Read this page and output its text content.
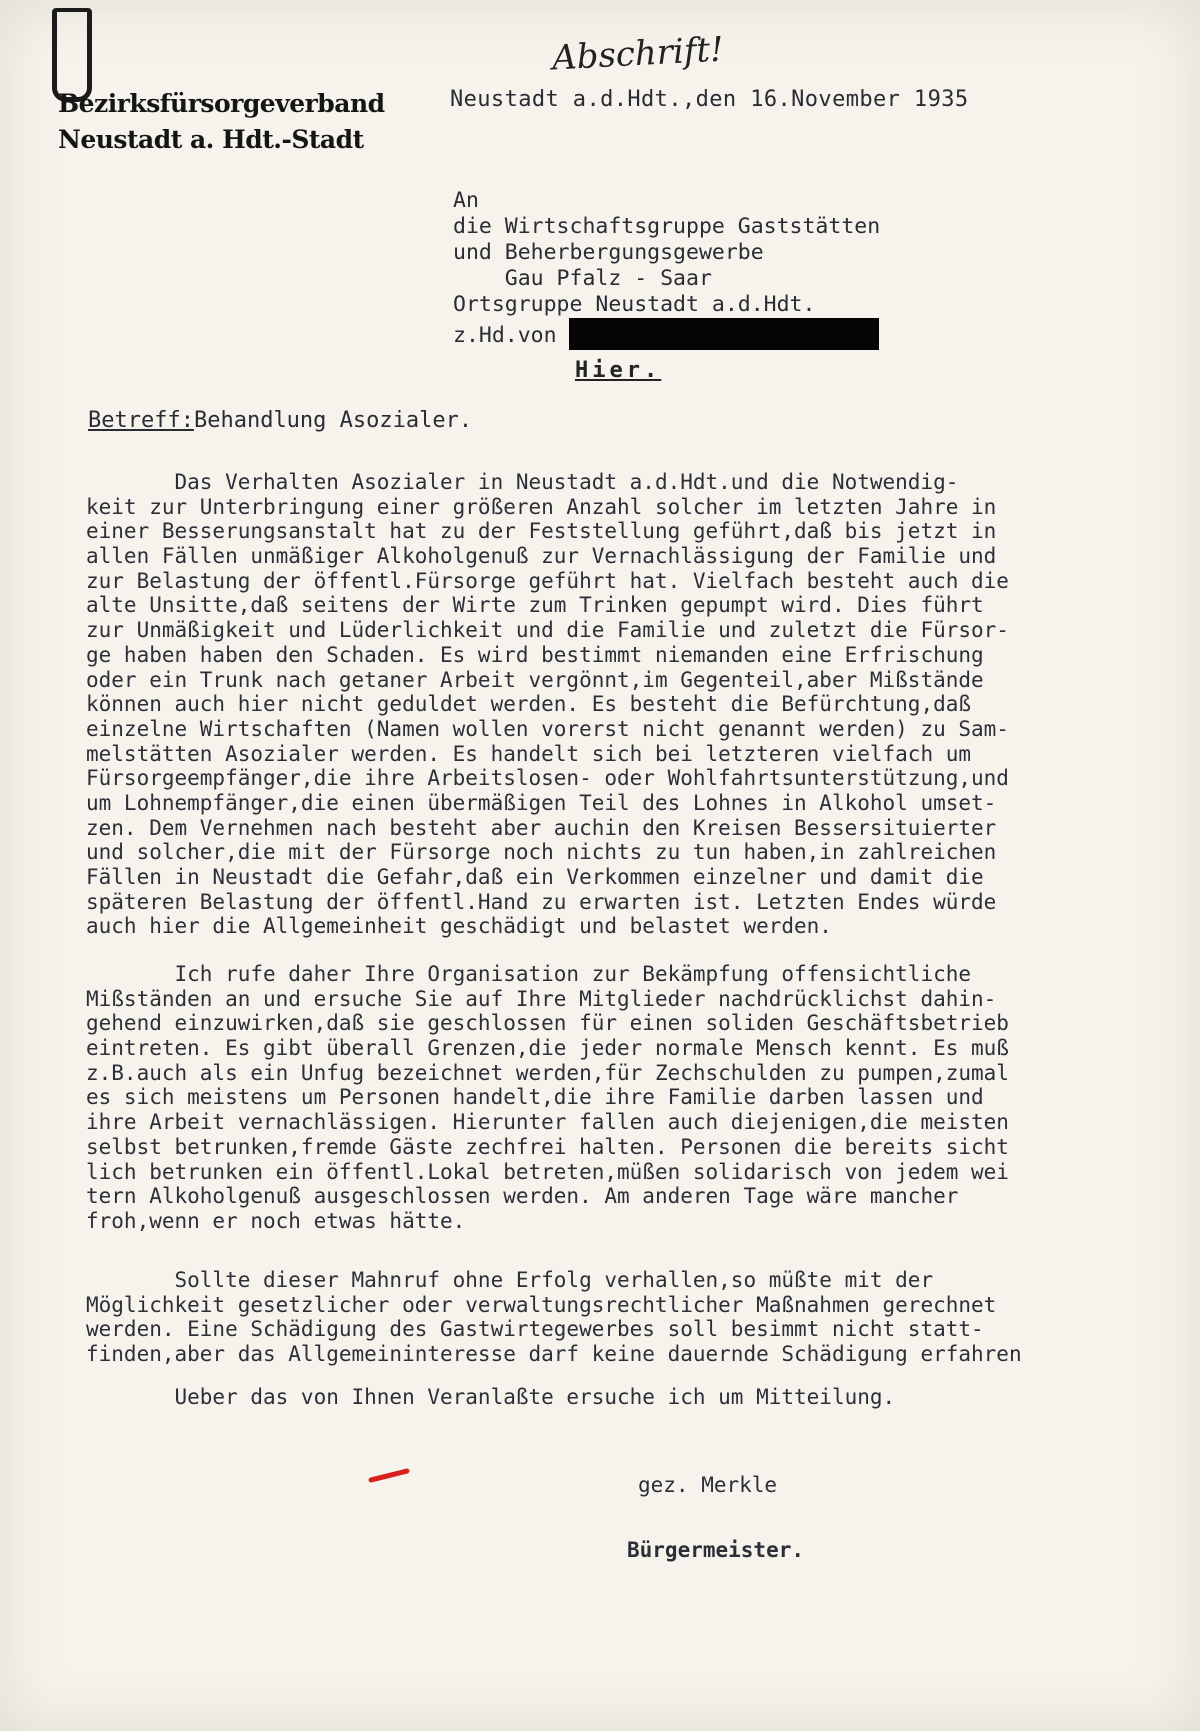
Bezirksfürsorgeverband
Neustadt a. Hdt.-Stadt
Abschrift!
Neustadt a.d.Hdt.,den 16.November 1935
An
die Wirtschaftsgruppe Gaststätten
und Beherbergungsgewerbe
Gau Pfalz - Saar
Ortsgruppe Neustadt a.d.Hdt.
z.Hd.von
Hier.
Betreff:Behandlung Asozialer.
Das Verhalten Asozialer in Neustadt a.d.Hdt.und die Notwendig-
keit zur Unterbringung einer größeren Anzahl solcher im letzten Jahre in
einer Besserungsanstalt hat zu der Feststellung geführt,daß bis jetzt in
allen Fällen unmäßiger Alkoholgenuß zur Vernachlässigung der Familie und
zur Belastung der öffentl.Fürsorge geführt hat. Vielfach besteht auch die
alte Unsitte,daß seitens der Wirte zum Trinken gepumpt wird. Dies führt
zur Unmäßigkeit und Lüderlichkeit und die Familie und zuletzt die Fürsor-
ge haben haben den Schaden. Es wird bestimmt niemanden eine Erfrischung
oder ein Trunk nach getaner Arbeit vergönnt,im Gegenteil,aber Mißstände
können auch hier nicht geduldet werden. Es besteht die Befürchtung,daß
einzelne Wirtschaften (Namen wollen vorerst nicht genannt werden) zu Sam-
melstätten Asozialer werden. Es handelt sich bei letzteren vielfach um
Fürsorgeempfänger,die ihre Arbeitslosen- oder Wohlfahrtsunterstützung,und
um Lohnempfänger,die einen übermäßigen Teil des Lohnes in Alkohol umset-
zen. Dem Vernehmen nach besteht aber auchin den Kreisen Bessersituierter
und solcher,die mit der Fürsorge noch nichts zu tun haben,in zahlreichen
Fällen in Neustadt die Gefahr,daß ein Verkommen einzelner und damit die
späteren Belastung der öffentl.Hand zu erwarten ist. Letzten Endes würde
auch hier die Allgemeinheit geschädigt und belastet werden.
Ich rufe daher Ihre Organisation zur Bekämpfung offensichtliche
Mißständen an und ersuche Sie auf Ihre Mitglieder nachdrücklichst dahin-
gehend einzuwirken,daß sie geschlossen für einen soliden Geschäftsbetrieb
eintreten. Es gibt überall Grenzen,die jeder normale Mensch kennt. Es muß
z.B.auch als ein Unfug bezeichnet werden,für Zechschulden zu pumpen,zumal
es sich meistens um Personen handelt,die ihre Familie darben lassen und
ihre Arbeit vernachlässigen. Hierunter fallen auch diejenigen,die meisten
selbst betrunken,fremde Gäste zechfrei halten. Personen die bereits sicht
lich betrunken ein öffentl.Lokal betreten,müßen solidarisch von jedem wei
tern Alkoholgenuß ausgeschlossen werden. Am anderen Tage wäre mancher
froh,wenn er noch etwas hätte.
Sollte dieser Mahnruf ohne Erfolg verhallen,so müßte mit der
Möglichkeit gesetzlicher oder verwaltungsrechtlicher Maßnahmen gerechnet
werden. Eine Schädigung des Gastwirtegewerbes soll besimmt nicht statt-
finden,aber das Allgemeininteresse darf keine dauernde Schädigung erfahren
Ueber das von Ihnen Veranlaßte ersuche ich um Mitteilung.
gez. Merkle
Bürgermeister.
